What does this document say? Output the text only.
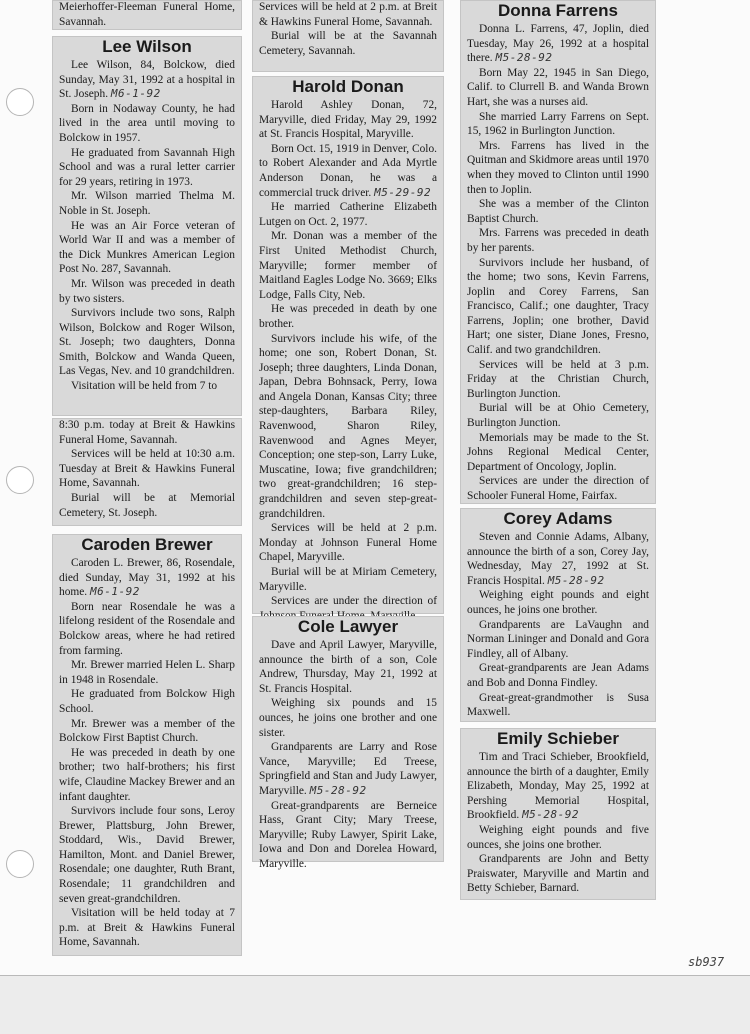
Meierhoffer-Fleeman Funeral Home, Savannah.

Lee Wilson

Lee Wilson, 84, Bolckow, died Sunday, May 31, 1992 at a hospital in St. Joseph. M6-1-92

Born in Nodaway County, he had lived in the area until moving to Bolckow in 1957.

He graduated from Savannah High School and was a rural letter carrier for 29 years, retiring in 1973.

Mr. Wilson married Thelma M. Noble in St. Joseph.

He was an Air Force veteran of World War II and was a member of the Dick Munkres American Legion Post No. 287, Savannah.

Mr. Wilson was preceded in death by two sisters.

Survivors include two sons, Ralph Wilson, Bolckow and Roger Wilson, St. Joseph; two daughters, Donna Smith, Bolckow and Wanda Queen, Las Vegas, Nev. and 10 grandchildren.

Visitation will be held from 7 to

8:30 p.m. today at Breit & Hawkins Funeral Home, Savannah.

Services will be held at 10:30 a.m. Tuesday at Breit & Hawkins Funeral Home, Savannah.

Burial will be at Memorial Cemetery, St. Joseph.

Caroden Brewer

Caroden L. Brewer, 86, Rosendale, died Sunday, May 31, 1992 at his home. M6-1-92

Born near Rosendale he was a lifelong resident of the Rosendale and Bolckow areas, where he had retired from farming.

Mr. Brewer married Helen L. Sharp in 1948 in Rosendale.

He graduated from Bolckow High School.

Mr. Brewer was a member of the Bolckow First Baptist Church.

He was preceded in death by one brother; two half-brothers; his first wife, Claudine Mackey Brewer and an infant daughter.

Survivors include four sons, Leroy Brewer, Plattsburg, John Brewer, Stoddard, Wis., David Brewer, Hamilton, Mont. and Daniel Brewer, Rosendale; one daughter, Ruth Brant, Rosendale; 11 grandchildren and seven great-grandchildren.

Visitation will be held today at 7 p.m. at Breit & Hawkins Funeral Home, Savannah.

Services will be held at 2 p.m. at Breit & Hawkins Funeral Home, Savannah.

Burial will be at the Savannah Cemetery, Savannah.

Harold Donan

Harold Ashley Donan, 72, Maryville, died Friday, May 29, 1992 at St. Francis Hospital, Maryville.

Born Oct. 15, 1919 in Denver, Colo. to Robert Alexander and Ada Myrtle Anderson Donan, he was a commercial truck driver. M5-29-92

He married Catherine Elizabeth Lutgen on Oct. 2, 1977.

Mr. Donan was a member of the First United Methodist Church, Maryville; former member of Maitland Eagles Lodge No. 3669; Elks Lodge, Falls City, Neb.

He was preceded in death by one brother.

Survivors include his wife, of the home; one son, Robert Donan, St. Joseph; three daughters, Linda Donan, Japan, Debra Bohnsack, Perry, Iowa and Angela Donan, Kansas City; three step-daughters, Barbara Riley, Ravenwood, Sharon Riley, Ravenwood and Agnes Meyer, Conception; one step-son, Larry Luke, Muscatine, Iowa; five grandchildren; two great-grandchildren; 16 step-grandchildren and seven step-great-grandchildren.

Services will be held at 2 p.m. Monday at Johnson Funeral Home Chapel, Maryville.

Burial will be at Miriam Cemetery, Maryville.

Services are under the direction of

Cole Lawyer

Dave and April Lawyer, Maryville, announce the birth of a son, Cole Andrew, Thursday, May 21, 1992 at St. Francis Hospital.

Weighing six pounds and 15 ounces, he joins one brother and one sister.

Grandparents are Larry and Rose Vance, Maryville; Ed Treese, Springfield and Stan and Judy Lawyer, Maryville. M5-28-92

Great-grandparents are Berneice Hass, Grant City; Mary Treese, Maryville; Ruby Lawyer, Spirit Lake, Iowa and Don and Dorelea Howard, Maryville.

Donna Farrens

Donna L. Farrens, 47, Joplin, died Tuesday, May 26, 1992 at a hospital there. M5-28-92

Born May 22, 1945 in San Diego, Calif. to Clurrell B. and Wanda Brown Hart, she was a nurses aid.

She married Larry Farrens on Sept. 15, 1962 in Burlington Junction.

Mrs. Farrens has lived in the Quitman and Skidmore areas until 1970 when they moved to Clinton until 1990 then to Joplin.

She was a member of the Clinton Baptist Church.

Mrs. Farrens was preceded in death by her parents.

Survivors include her husband, of the home; two sons, Kevin Farrens, Joplin and Corey Farrens, San Francisco, Calif.; one daughter, Tracy Farrens, Joplin; one brother, David Hart; one sister, Diane Jones, Fresno, Calif. and two grandchildren.

Services will be held at 3 p.m. Friday at the Christian Church, Burlington Junction.

Burial will be at Ohio Cemetery, Burlington Junction.

Memorials may be made to the St. Johns Regional Medical Center, Department of Oncology, Joplin.

Services are under the direction of Schooler Funeral Home, Fairfax.

Corey Adams

Steven and Connie Adams, Albany, announce the birth of a son, Corey Jay, Wednesday, May 27, 1992 at St. Francis Hospital. M5-28-92

Weighing eight pounds and eight ounces, he joins one brother.

Grandparents are LaVaughn and Norman Lininger and Donald and Gora Findley, all of Albany.

Great-grandparents are Jean Adams and Bob and Donna Findley.

Great-great-grandmother is Susa Maxwell.

Emily Schieber

Tim and Traci Schieber, Brookfield, announce the birth of a daughter, Emily Elizabeth, Monday, May 25, 1992 at Pershing Memorial Hospital, Brookfield. M5-28-92

Weighing eight pounds and five ounces, she joins one brother.

Grandparents are John and Betty Praiswater, Maryville and Martin and Betty Schieber, Barnard.

sb937
